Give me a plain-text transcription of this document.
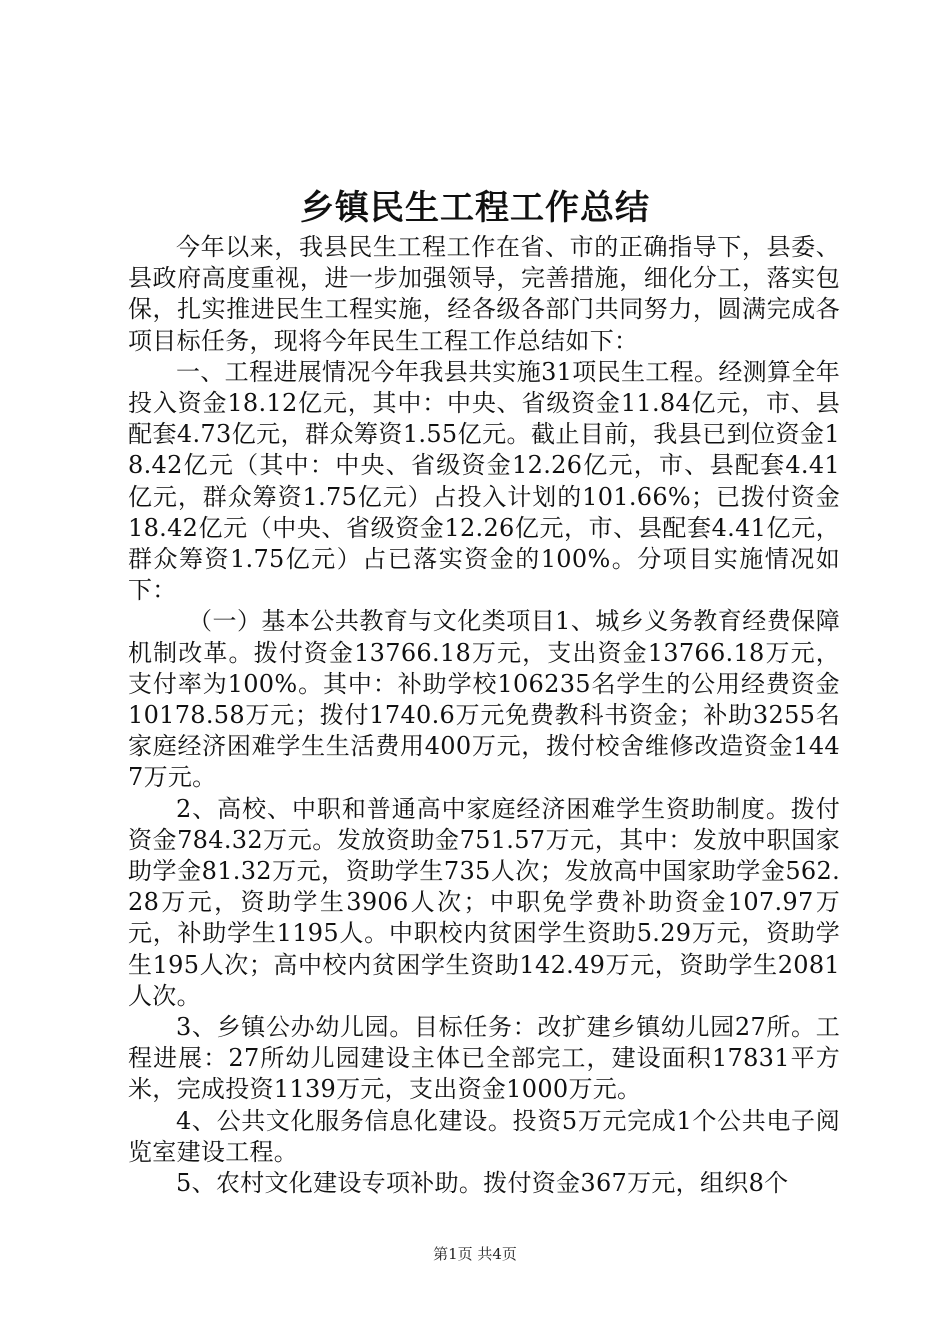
乡镇民生工程工作总结

今年以来，我县民生工程工作在省、市的正确指导下，县委、县政府高度重视，进一步加强领导，完善措施，细化分工，落实包保，扎实推进民生工程实施，经各级各部门共同努力，圆满完成各项目标任务，现将今年民生工程工作总结如下：

一、工程进展情况今年我县共实施31项民生工程。经测算全年投入资金18.12亿元，其中：中央、省级资金11.84亿元，市、县配套4.73亿元，群众筹资1.55亿元。截止目前，我县已到位资金18.42亿元（其中：中央、省级资金12.26亿元，市、县配套4.41亿元，群众筹资1.75亿元）占投入计划的101.66%；已拨付资金18.42亿元（中央、省级资金12.26亿元，市、县配套4.41亿元，群众筹资1.75亿元）占已落实资金的100%。分项目实施情况如下：

（一）基本公共教育与文化类项目1、城乡义务教育经费保障机制改革。拨付资金13766.18万元，支出资金13766.18万元，支付率为100%。其中：补助学校106235名学生的公用经费资金10178.58万元；拨付1740.6万元免费教科书资金；补助3255名家庭经济困难学生生活费用400万元，拨付校舍维修改造资金1447万元。

2、高校、中职和普通高中家庭经济困难学生资助制度。拨付资金784.32万元。发放资助金751.57万元，其中：发放中职国家助学金81.32万元，资助学生735人次；发放高中国家助学金562.28万元，资助学生3906人次；中职免学费补助资金107.97万元，补助学生1195人。中职校内贫困学生资助5.29万元，资助学生195人次；高中校内贫困学生资助142.49万元，资助学生2081人次。

3、乡镇公办幼儿园。目标任务：改扩建乡镇幼儿园27所。工程进展：27所幼儿园建设主体已全部完工，建设面积17831平方米，完成投资1139万元，支出资金1000万元。

4、公共文化服务信息化建设。投资5万元完成1个公共电子阅览室建设工程。

5、农村文化建设专项补助。拨付资金367万元，组织8个

第1页 共4页
